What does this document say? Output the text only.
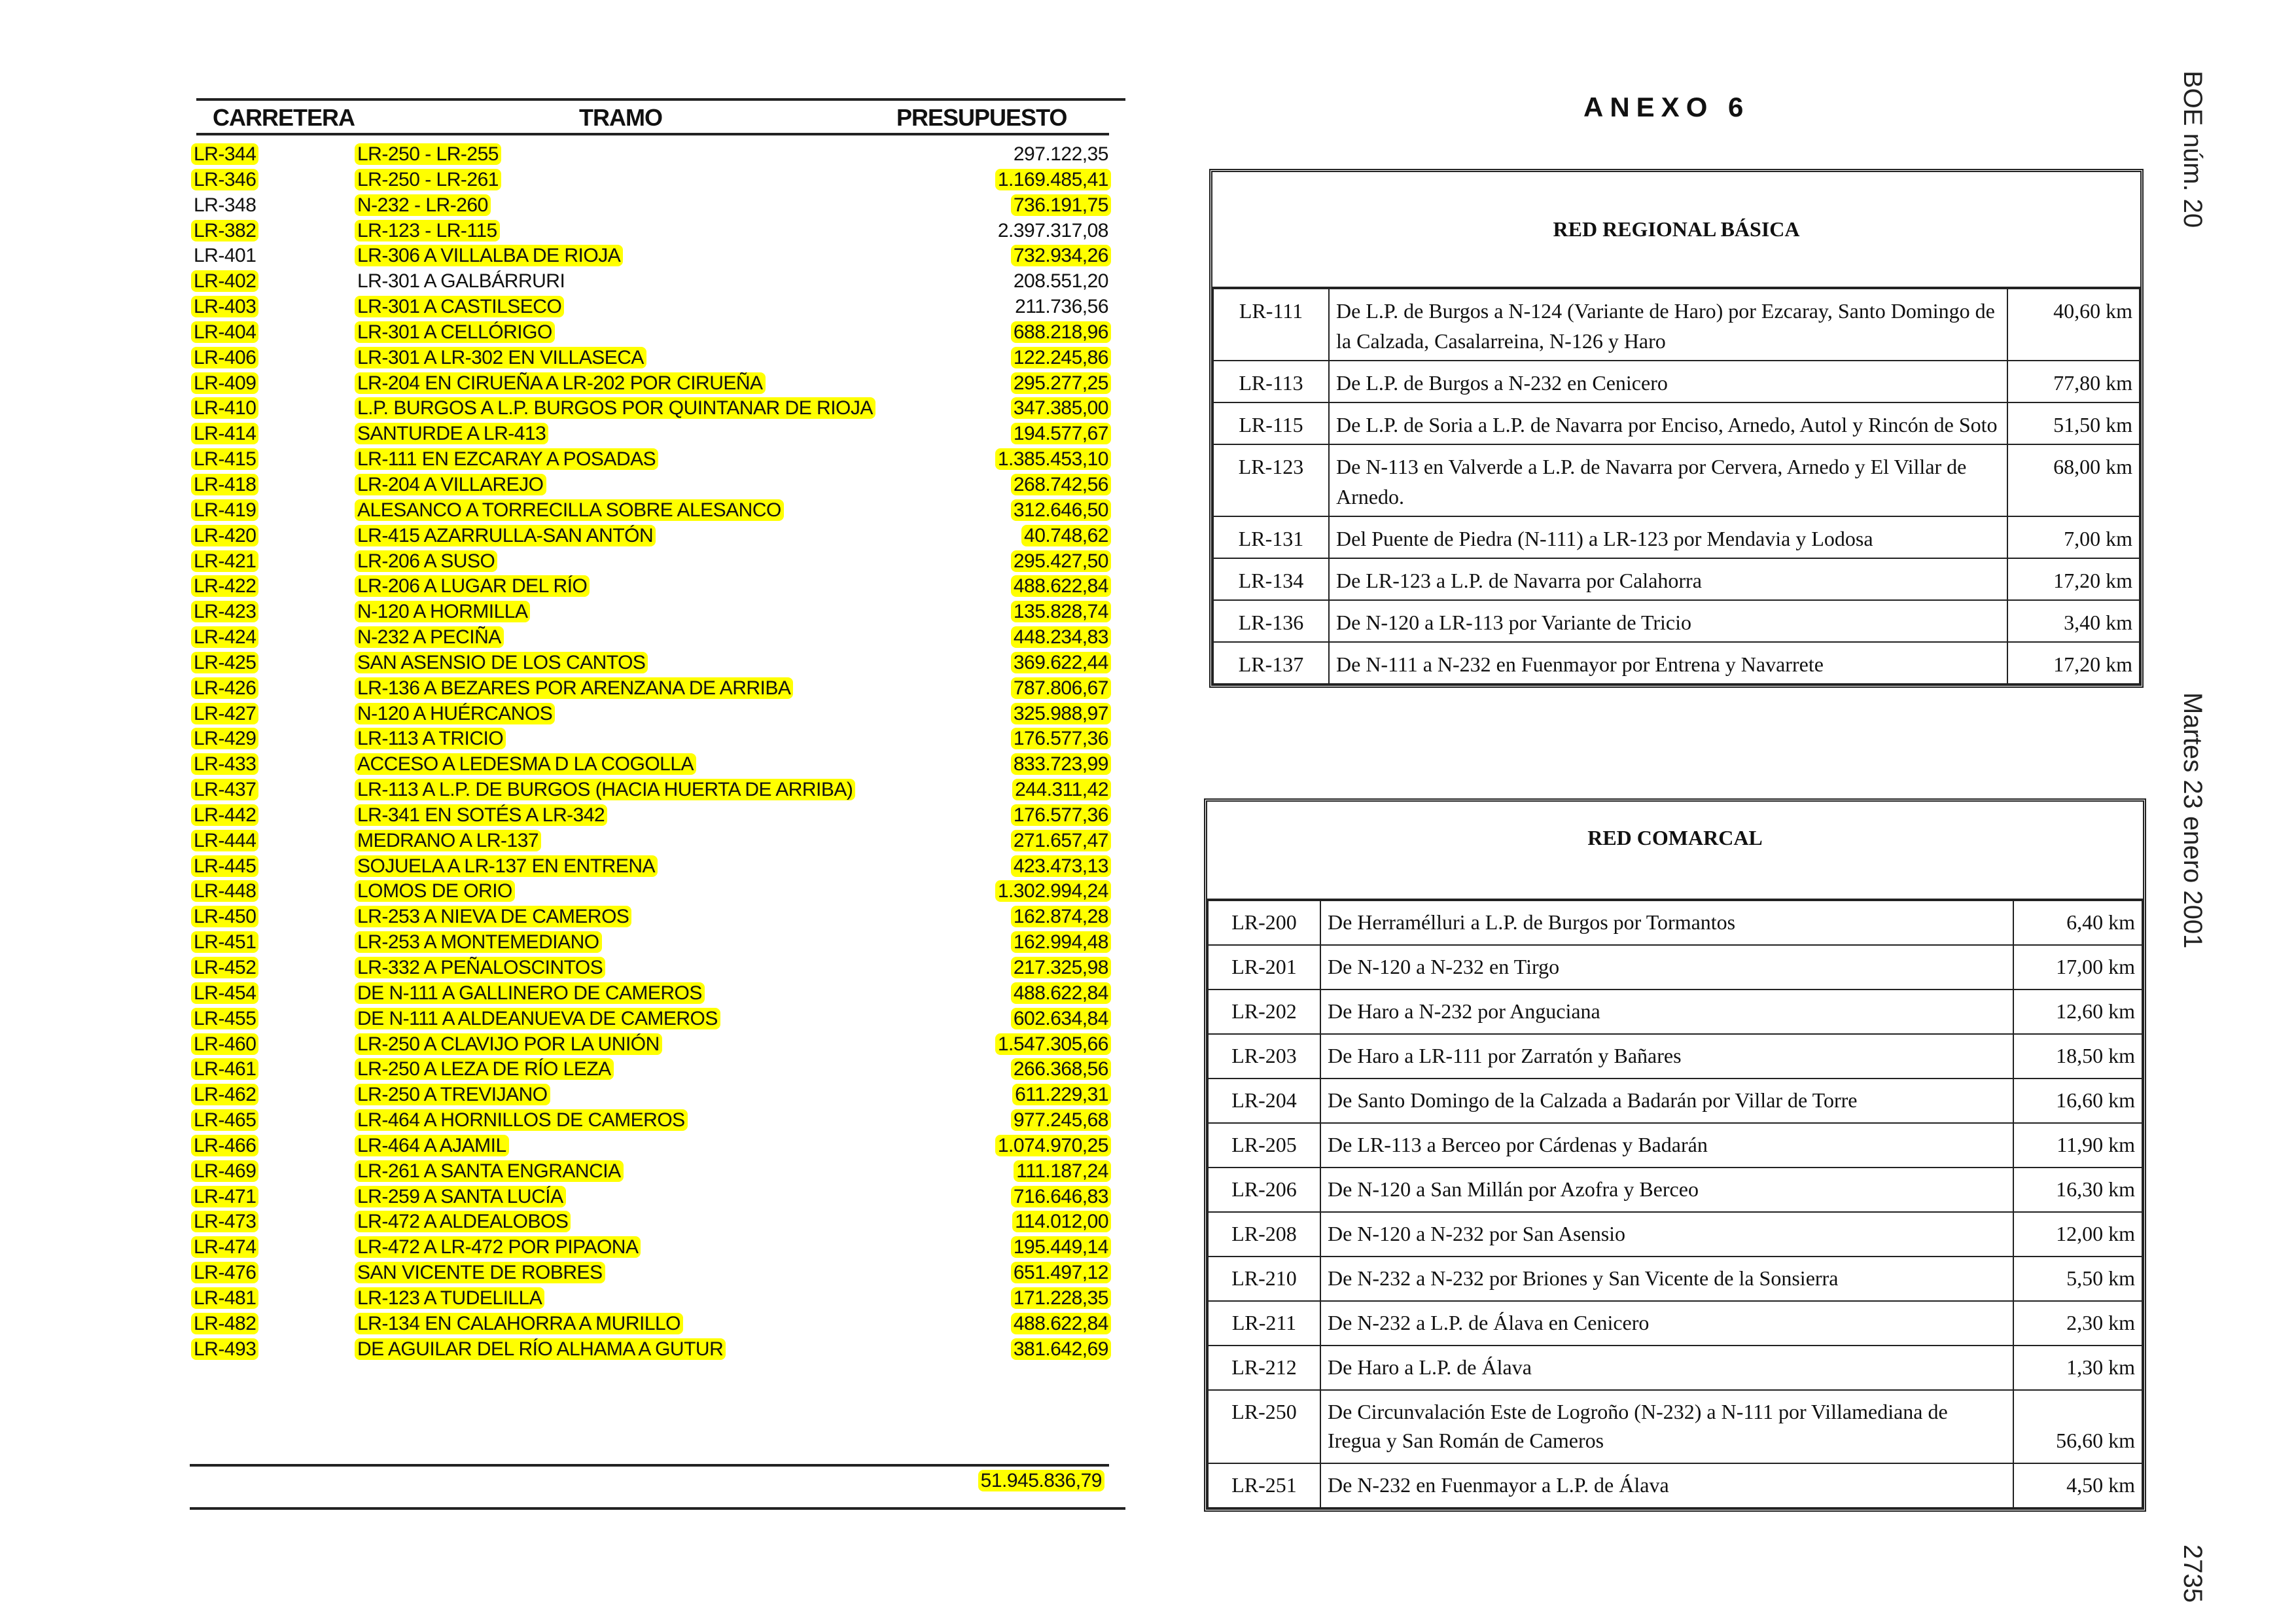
BOE núm. 20
Martes 23 enero 2001
2735
CARRETERA	TRAMO	PRESUPUESTO
LR-344	LR-250 - LR-255	297.122,35
LR-346	LR-250 - LR-261	1.169.485,41
LR-348	N-232 - LR-260	736.191,75
LR-382	LR-123 - LR-115	2.397.317,08
LR-401	LR-306 A VILLALBA DE RIOJA	732.934,26
LR-402	LR-301 A GALBÁRRURI	208.551,20
LR-403	LR-301 A CASTILSECO	211.736,56
LR-404	LR-301 A CELLÓRIGO	688.218,96
LR-406	LR-301 A LR-302 EN VILLASECA	122.245,86
LR-409	LR-204 EN CIRUEÑA A LR-202 POR CIRUEÑA	295.277,25
LR-410	L.P. BURGOS A L.P. BURGOS POR QUINTANAR DE RIOJA	347.385,00
LR-414	SANTURDE A LR-413	194.577,67
LR-415	LR-111 EN EZCARAY A POSADAS	1.385.453,10
LR-418	LR-204 A VILLAREJO	268.742,56
LR-419	ALESANCO A TORRECILLA SOBRE ALESANCO	312.646,50
LR-420	LR-415 AZARRULLA-SAN ANTÓN	40.748,62
LR-421	LR-206 A SUSO	295.427,50
LR-422	LR-206 A LUGAR DEL RÍO	488.622,84
LR-423	N-120 A HORMILLA	135.828,74
LR-424	N-232 A PECIÑA	448.234,83
LR-425	SAN ASENSIO DE LOS CANTOS	369.622,44
LR-426	LR-136 A BEZARES POR ARENZANA DE ARRIBA	787.806,67
LR-427	N-120 A HUÉRCANOS	325.988,97
LR-429	LR-113 A TRICIO	176.577,36
LR-433	ACCESO A LEDESMA D LA COGOLLA	833.723,99
LR-437	LR-113 A L.P. DE BURGOS (HACIA HUERTA DE ARRIBA)	244.311,42
LR-442	LR-341 EN SOTÉS A LR-342	176.577,36
LR-444	MEDRANO A LR-137	271.657,47
LR-445	SOJUELA A LR-137 EN ENTRENA	423.473,13
LR-448	LOMOS DE ORIO	1.302.994,24
LR-450	LR-253 A NIEVA DE CAMEROS	162.874,28
LR-451	LR-253 A MONTEMEDIANO	162.994,48
LR-452	LR-332 A PEÑALOSCINTOS	217.325,98
LR-454	DE N-111 A GALLINERO DE CAMEROS	488.622,84
LR-455	DE N-111 A ALDEANUEVA DE CAMEROS	602.634,84
LR-460	LR-250 A CLAVIJO POR LA UNIÓN	1.547.305,66
LR-461	LR-250 A LEZA DE RÍO LEZA	266.368,56
LR-462	LR-250 A TREVIJANO	611.229,31
LR-465	LR-464 A HORNILLOS DE CAMEROS	977.245,68
LR-466	LR-464 A AJAMIL	1.074.970,25
LR-469	LR-261 A SANTA ENGRANCIA	111.187,24
LR-471	LR-259 A SANTA LUCÍA	716.646,83
LR-473	LR-472 A ALDEALOBOS	114.012,00
LR-474	LR-472 A LR-472 POR PIPAONA	195.449,14
LR-476	SAN VICENTE DE ROBRES	651.497,12
LR-481	LR-123 A TUDELILLA	171.228,35
LR-482	LR-134 EN CALAHORRA A MURILLO	488.622,84
LR-493	DE AGUILAR DEL RÍO ALHAMA A GUTUR	381.642,69
51.945.836,79
ANEXO 6
RED REGIONAL BÁSICA
LR-111	De L.P. de Burgos a N-124 (Variante de Haro) por Ezcaray, Santo Domingo de la Calzada, Casalarreina, N-126 y Haro	40,60 km
LR-113	De L.P. de Burgos a N-232 en Cenicero	77,80 km
LR-115	De L.P. de Soria a L.P. de Navarra por Enciso, Arnedo, Autol y Rincón de Soto	51,50 km
LR-123	De N-113 en Valverde a L.P. de Navarra por Cervera, Arnedo y El Villar de Arnedo.	68,00 km
LR-131	Del Puente de Piedra (N-111) a LR-123 por Mendavia y Lodosa	7,00 km
LR-134	De LR-123 a L.P. de Navarra por Calahorra	17,20 km
LR-136	De N-120 a LR-113 por Variante de Tricio	3,40 km
LR-137	De N-111 a N-232 en Fuenmayor por Entrena y Navarrete	17,20 km
RED COMARCAL
LR-200	De Herramélluri a L.P. de Burgos por Tormantos	6,40 km
LR-201	De N-120 a N-232 en Tirgo	17,00 km
LR-202	De Haro a N-232 por Anguciana	12,60 km
LR-203	De Haro a LR-111 por Zarratón y Bañares	18,50 km
LR-204	De Santo Domingo de la Calzada a Badarán por Villar de Torre	16,60 km
LR-205	De LR-113 a Berceo por Cárdenas y Badarán	11,90 km
LR-206	De N-120 a San Millán por Azofra y Berceo	16,30 km
LR-208	De N-120 a N-232 por San Asensio	12,00 km
LR-210	De N-232 a N-232 por Briones y San Vicente de la Sonsierra	5,50 km
LR-211	De N-232 a L.P. de Álava en Cenicero	2,30 km
LR-212	De Haro a L.P. de Álava	1,30 km
LR-250	De Circunvalación Este de Logroño (N-232) a N-111 por Villamediana de Iregua y San Román de Cameros	56,60 km
LR-251	De N-232 en Fuenmayor a L.P. de Álava	4,50 km
